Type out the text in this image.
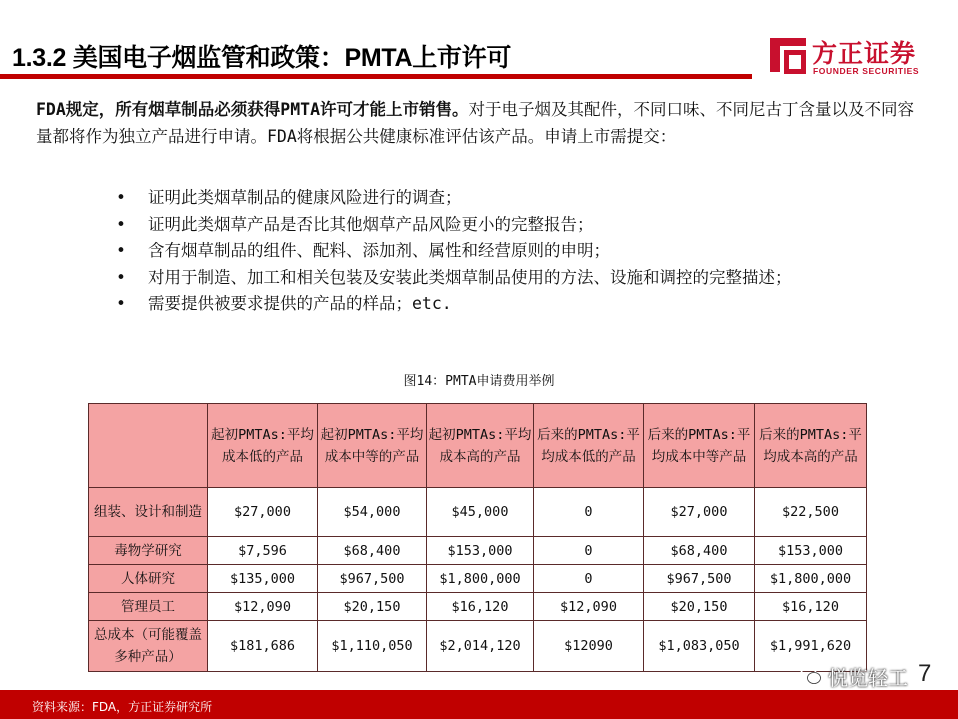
1.3.2 美国电子烟监管和政策：PMTA上市许可	方正证券
FOUNDER SECURITIES
FDA规定，所有烟草制品必须获得PMTA许可才能上市销售。对于电子烟及其配件，不同口味、不同尼古丁含量以及不同容量都将作为独立产品进行申请。FDA将根据公共健康标准评估该产品。申请上市需提交：
• 证明此类烟草制品的健康风险进行的调查；
• 证明此类烟草产品是否比其他烟草产品风险更小的完整报告；
• 含有烟草制品的组件、配料、添加剂、属性和经营原则的申明；
• 对用于制造、加工和相关包装及安装此类烟草制品使用的方法、设施和调控的完整描述；
• 需要提供被要求提供的产品的样品；etc.
图14：PMTA申请费用举例
	起初PMTAs:平均成本低的产品	起初PMTAs:平均成本中等的产品	起初PMTAs:平均成本高的产品	后来的PMTAs:平均成本低的产品	后来的PMTAs:平均成本中等产品	后来的PMTAs:平均成本高的产品
组装、设计和制造	$27,000	$54,000	$45,000	0	$27,000	$22,500
毒物学研究	$7,596	$68,400	$153,000	0	$68,400	$153,000
人体研究	$135,000	$967,500	$1,800,000	0	$967,500	$1,800,000
管理员工	$12,090	$20,150	$16,120	$12,090	$20,150	$16,120
总成本（可能覆盖多种产品）	$181,686	$1,110,050	$2,014,120	$12090	$1,083,050	$1,991,620
资料来源：FDA，方正证券研究所
悦览轻工 7
